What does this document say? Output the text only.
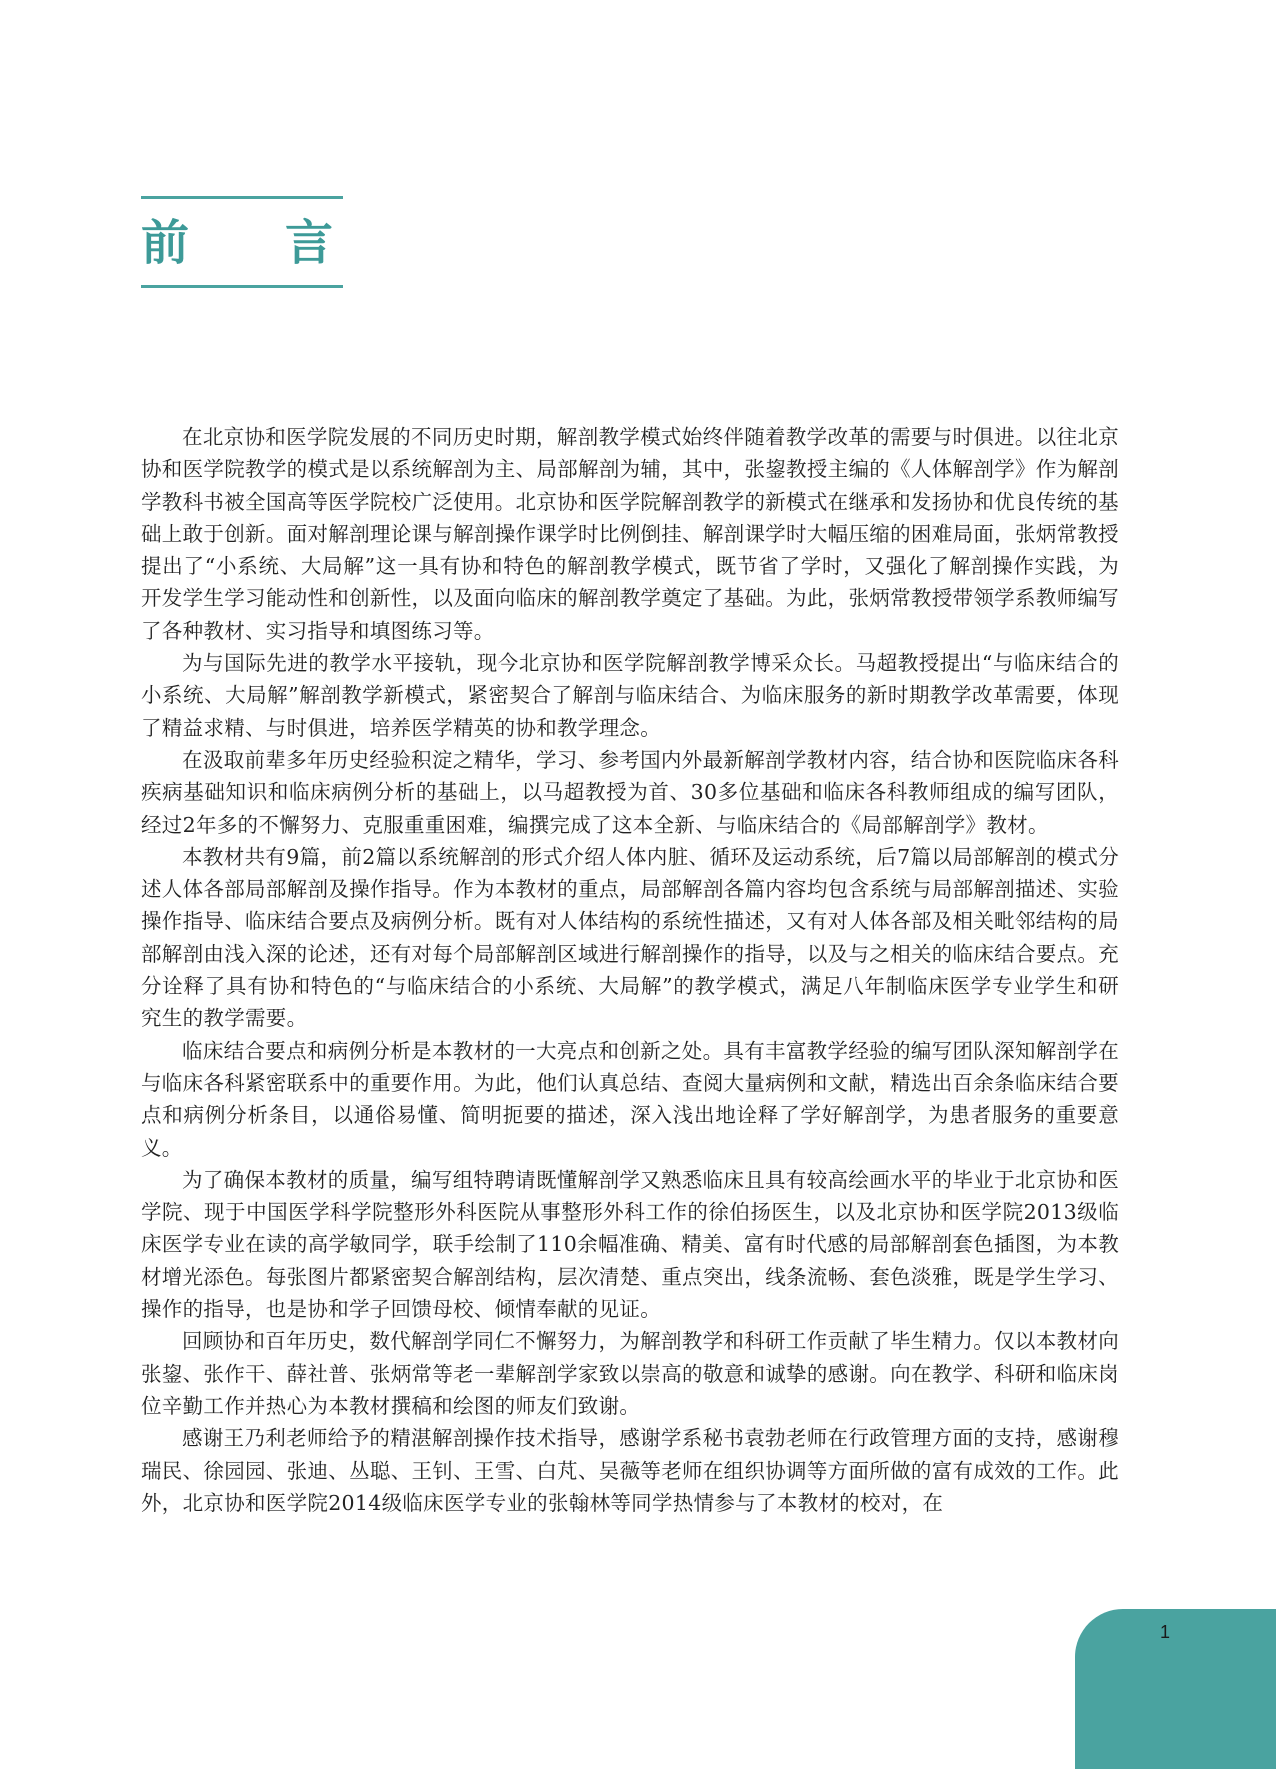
前言

在北京协和医学院发展的不同历史时期，解剖教学模式始终伴随着教学改革的需要与时俱进。以往北京协和医学院教学的模式是以系统解剖为主、局部解剖为辅，其中，张鋆教授主编的《人体解剖学》作为解剖学教科书被全国高等医学院校广泛使用。北京协和医学院解剖教学的新模式在继承和发扬协和优良传统的基础上敢于创新。面对解剖理论课与解剖操作课学时比例倒挂、解剖课学时大幅压缩的困难局面，张炳常教授提出了“小系统、大局解”这一具有协和特色的解剖教学模式，既节省了学时，又强化了解剖操作实践，为开发学生学习能动性和创新性，以及面向临床的解剖教学奠定了基础。为此，张炳常教授带领学系教师编写了各种教材、实习指导和填图练习等。

为与国际先进的教学水平接轨，现今北京协和医学院解剖教学博采众长。马超教授提出“与临床结合的小系统、大局解”解剖教学新模式，紧密契合了解剖与临床结合、为临床服务的新时期教学改革需要，体现了精益求精、与时俱进，培养医学精英的协和教学理念。

在汲取前辈多年历史经验积淀之精华，学习、参考国内外最新解剖学教材内容，结合协和医院临床各科疾病基础知识和临床病例分析的基础上，以马超教授为首、30多位基础和临床各科教师组成的编写团队，经过2年多的不懈努力、克服重重困难，编撰完成了这本全新、与临床结合的《局部解剖学》教材。

本教材共有9篇，前2篇以系统解剖的形式介绍人体内脏、循环及运动系统，后7篇以局部解剖的模式分述人体各部局部解剖及操作指导。作为本教材的重点，局部解剖各篇内容均包含系统与局部解剖描述、实验操作指导、临床结合要点及病例分析。既有对人体结构的系统性描述，又有对人体各部及相关毗邻结构的局部解剖由浅入深的论述，还有对每个局部解剖区域进行解剖操作的指导，以及与之相关的临床结合要点。充分诠释了具有协和特色的“与临床结合的小系统、大局解”的教学模式，满足八年制临床医学专业学生和研究生的教学需要。

临床结合要点和病例分析是本教材的一大亮点和创新之处。具有丰富教学经验的编写团队深知解剖学在与临床各科紧密联系中的重要作用。为此，他们认真总结、查阅大量病例和文献，精选出百余条临床结合要点和病例分析条目，以通俗易懂、简明扼要的描述，深入浅出地诠释了学好解剖学，为患者服务的重要意义。

为了确保本教材的质量，编写组特聘请既懂解剖学又熟悉临床且具有较高绘画水平的毕业于北京协和医学院、现于中国医学科学院整形外科医院从事整形外科工作的徐伯扬医生，以及北京协和医学院2013级临床医学专业在读的高学敏同学，联手绘制了110余幅准确、精美、富有时代感的局部解剖套色插图，为本教材增光添色。每张图片都紧密契合解剖结构，层次清楚、重点突出，线条流畅、套色淡雅，既是学生学习、操作的指导，也是协和学子回馈母校、倾情奉献的见证。

回顾协和百年历史，数代解剖学同仁不懈努力，为解剖教学和科研工作贡献了毕生精力。仅以本教材向张鋆、张作干、薛社普、张炳常等老一辈解剖学家致以崇高的敬意和诚挚的感谢。向在教学、科研和临床岗位辛勤工作并热心为本教材撰稿和绘图的师友们致谢。

感谢王乃利老师给予的精湛解剖操作技术指导，感谢学系秘书袁勃老师在行政管理方面的支持，感谢穆瑞民、徐园园、张迪、丛聪、王钊、王雪、白芃、吴薇等老师在组织协调等方面所做的富有成效的工作。此外，北京协和医学院2014级临床医学专业的张翰林等同学热情参与了本教材的校对，在

1
